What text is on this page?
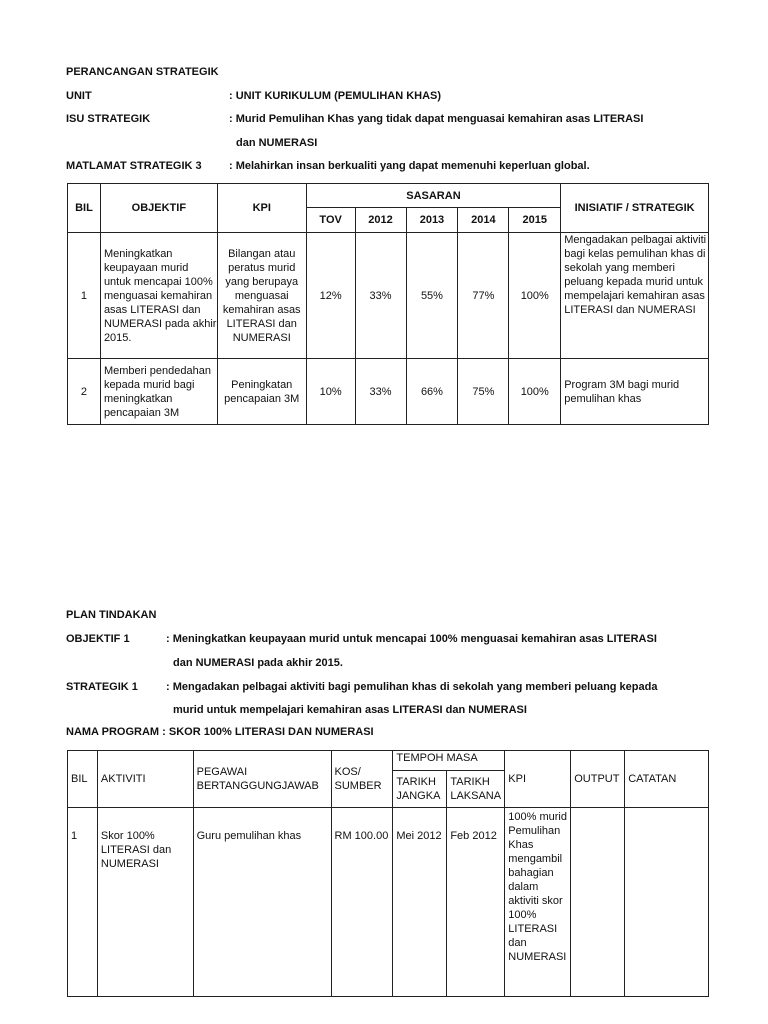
PERANCANGAN STRATEGIK
UNIT	: UNIT KURIKULUM (PEMULIHAN KHAS)
ISU STRATEGIK	: Murid Pemulihan Khas yang tidak dapat menguasai kemahiran asas LITERASI
dan NUMERASI
MATLAMAT STRATEGIK 3 : Melahirkan insan berkualiti yang dapat memenuhi keperluan global.
BIL	OBJEKTIF	KPI	SASARAN					INISIATIF / STRATEGIK
			TOV	2012	2013	2014	2015	
1	Meningkatkan keupayaan murid untuk mencapai 100% menguasai kemahiran asas LITERASI dan NUMERASI pada akhir 2015.	Bilangan atau peratus murid yang berupaya menguasai kemahiran asas LITERASI dan NUMERASI	12%	33%	55%	77%	100%	Mengadakan pelbagai aktiviti bagi kelas pemulihan khas di sekolah yang memberi peluang kepada murid untuk mempelajari kemahiran asas LITERASI dan NUMERASI
2	Memberi pendedahan kepada murid bagi meningkatkan pencapaian 3M	Peningkatan pencapaian 3M	10%	33%	66%	75%	100%	Program 3M bagi murid pemulihan khas
PLAN TINDAKAN
OBJEKTIF 1	: Meningkatkan keupayaan murid untuk mencapai 100% menguasai kemahiran asas LITERASI
dan NUMERASI pada akhir 2015.
STRATEGIK 1	: Mengadakan pelbagai aktiviti bagi pemulihan khas di sekolah yang memberi peluang kepada
murid untuk mempelajari kemahiran asas LITERASI dan NUMERASI
NAMA PROGRAM : SKOR 100% LITERASI DAN NUMERASI
BIL	AKTIVITI	PEGAWAI BERTANGGUNGJAWAB	KOS/ SUMBER	TEMPOH MASA		KPI	OUTPUT	CATATAN
				TARIKH JANGKA	TARIKH LAKSANA			
1	Skor 100% LITERASI dan NUMERASI	Guru pemulihan khas	RM 100.00	Mei 2012	Feb 2012	100% murid Pemulihan Khas mengambil bahagian dalam aktiviti skor 100% LITERASI dan NUMERASI		
